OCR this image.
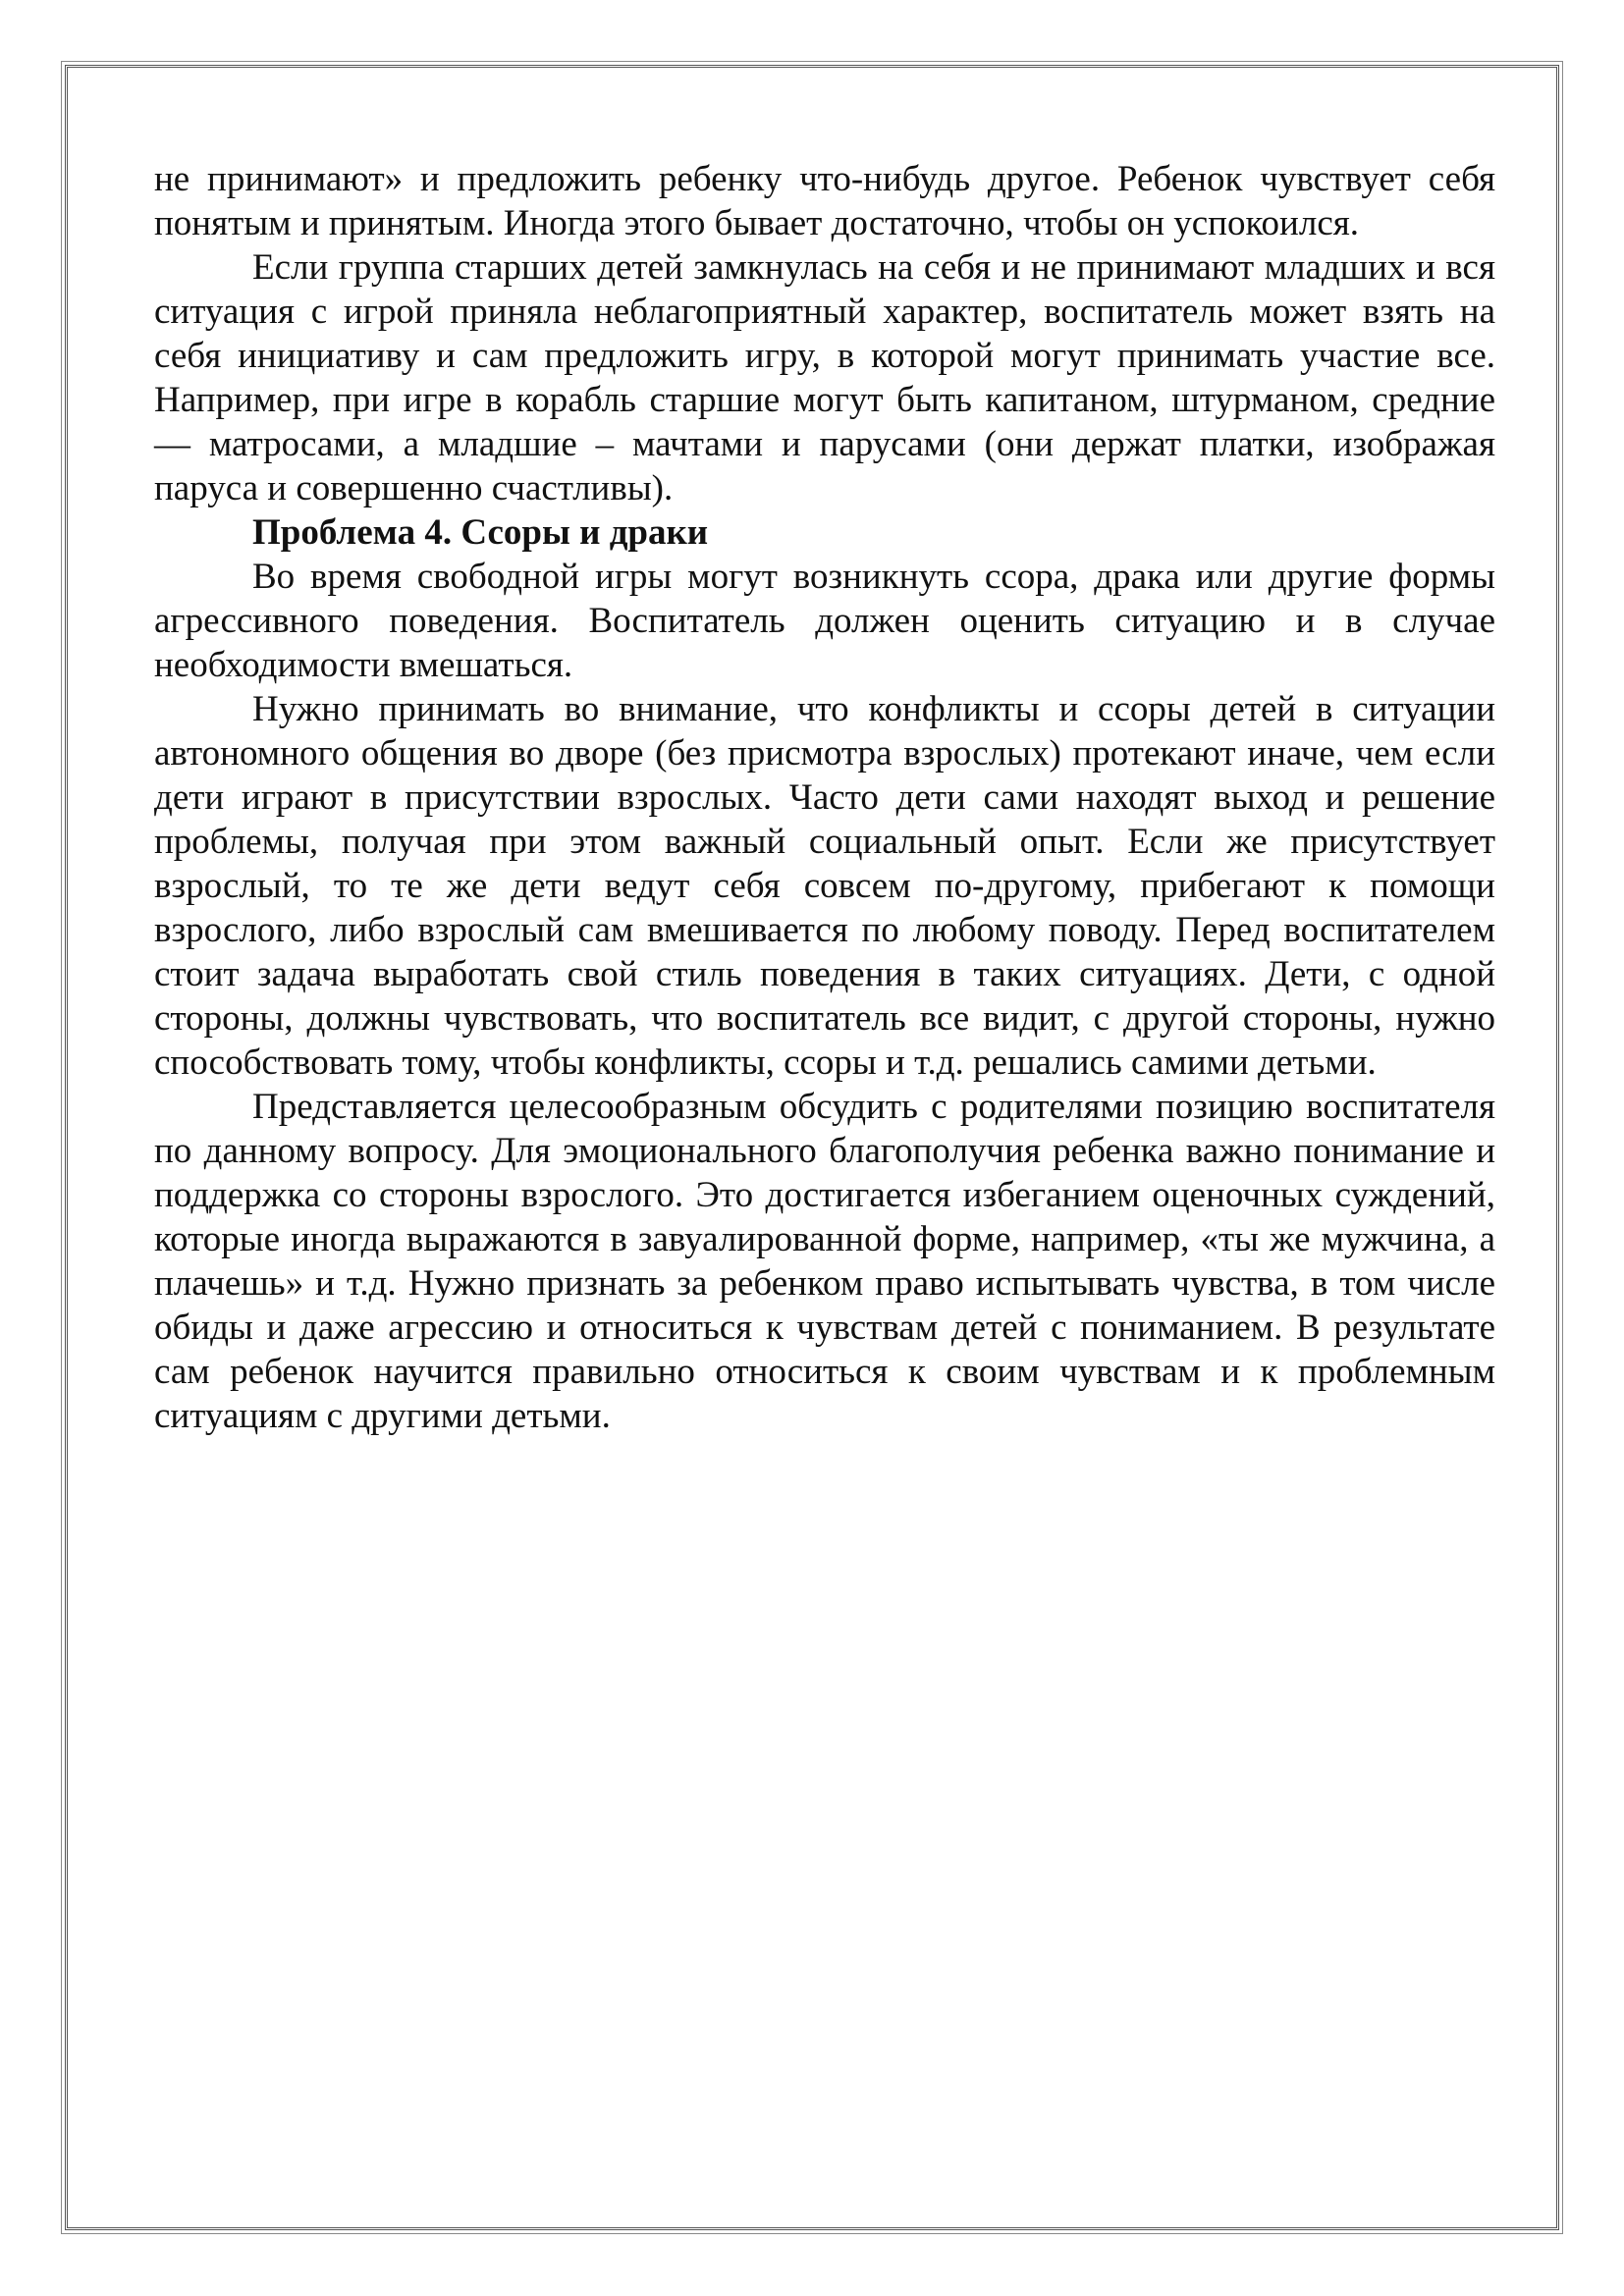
не принимают» и предложить ребенку что-нибудь другое. Ребенок чувствует себя понятым и принятым. Иногда этого бывает достаточно, чтобы он успокоился.

Если группа старших детей замкнулась на себя и не принимают младших и вся ситуация с игрой приняла неблагоприятный характер, воспитатель может взять на себя инициативу и сам предложить игру, в которой могут принимать участие все. Например, при игре в корабль старшие могут быть капитаном, штурманом, средние — матросами, а младшие – мачтами и парусами (они держат платки, изображая паруса и совершенно счастливы).

Проблема 4. Ссоры и драки

Во время свободной игры могут возникнуть ссора, драка или другие формы агрессивного поведения. Воспитатель должен оценить ситуацию и в случае необходимости вмешаться.

Нужно принимать во внимание, что конфликты и ссоры детей в ситуации автономного общения во дворе (без присмотра взрослых) протекают иначе, чем если дети играют в присутствии взрослых. Часто дети сами находят выход и решение проблемы, получая при этом важный социальный опыт. Если же присутствует взрослый, то те же дети ведут себя совсем по-другому, прибегают к помощи взрослого, либо взрослый сам вмешивается по любому поводу. Перед воспитателем стоит задача выработать свой стиль поведения в таких ситуациях. Дети, с одной стороны, должны чувствовать, что воспитатель все видит, с другой стороны, нужно способствовать тому, чтобы конфликты, ссоры и т.д. решались самими детьми.

Представляется целесообразным обсудить с родителями позицию воспитателя по данному вопросу. Для эмоционального благополучия ребенка важно понимание и поддержка со стороны взрослого. Это достигается избеганием оценочных суждений, которые иногда выражаются в завуалированной форме, например, «ты же мужчина, а плачешь» и т.д. Нужно признать за ребенком право испытывать чувства, в том числе обиды и даже агрессию и относиться к чувствам детей с пониманием. В результате сам ребенок научится правильно относиться к своим чувствам и к проблемным ситуациям с другими детьми.
